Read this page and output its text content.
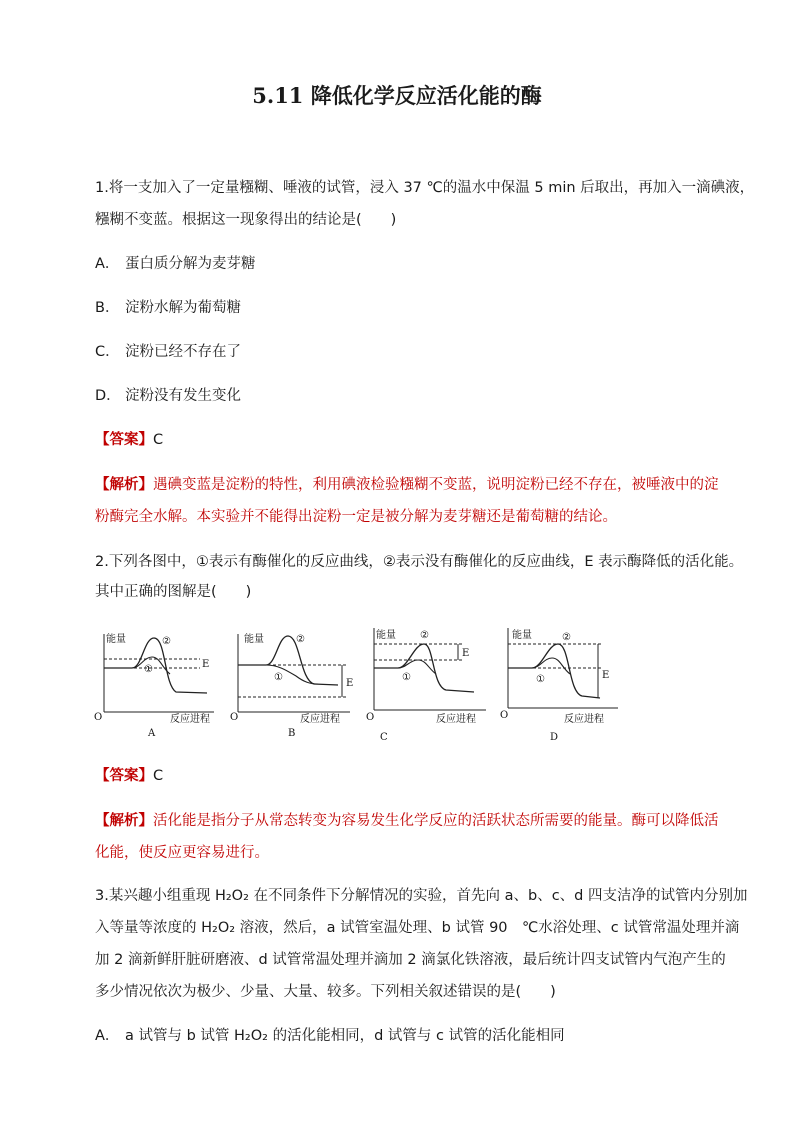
5.11 降低化学反应活化能的酶
1.将一支加入了一定量糨糊、唾液的试管，浸入 37 ℃的温水中保温 5 min 后取出，再加入一滴碘液，
糨糊不变蓝。根据这一现象得出的结论是(　　)
A． 蛋白质分解为麦芽糖
B． 淀粉水解为葡萄糖
C． 淀粉已经不存在了
D． 淀粉没有发生变化
【答案】C
【解析】遇碘变蓝是淀粉的特性，利用碘液检验糨糊不变蓝，说明淀粉已经不存在，被唾液中的淀
粉酶完全水解。本实验并不能得出淀粉一定是被分解为麦芽糖还是葡萄糖的结论。
2.下列各图中，①表示有酶催化的反应曲线，②表示没有酶催化的反应曲线，E 表示酶降低的活化能。
其中正确的图解是(　　)
能量	②
①	E
O	反应进程
A
能量	②
①
E
O	反应进程
B
能量 ②
①
E
O	反应进程
C
能量	②
①	E
O	反应进程
D
【答案】C
【解析】活化能是指分子从常态转变为容易发生化学反应的活跃状态所需要的能量。酶可以降低活
化能，使反应更容易进行。
3.某兴趣小组重现 H₂O₂ 在不同条件下分解情况的实验，首先向 a、b、c、d 四支洁净的试管内分别加
入等量等浓度的 H₂O₂ 溶液，然后，a 试管室温处理、b 试管 90　℃水浴处理、c 试管常温处理并滴
加 2 滴新鲜肝脏研磨液、d 试管常温处理并滴加 2 滴氯化铁溶液，最后统计四支试管内气泡产生的
多少情况依次为极少、少量、大量、较多。下列相关叙述错误的是(　　)
A． a 试管与 b 试管 H₂O₂ 的活化能相同，d 试管与 c 试管的活化能相同
